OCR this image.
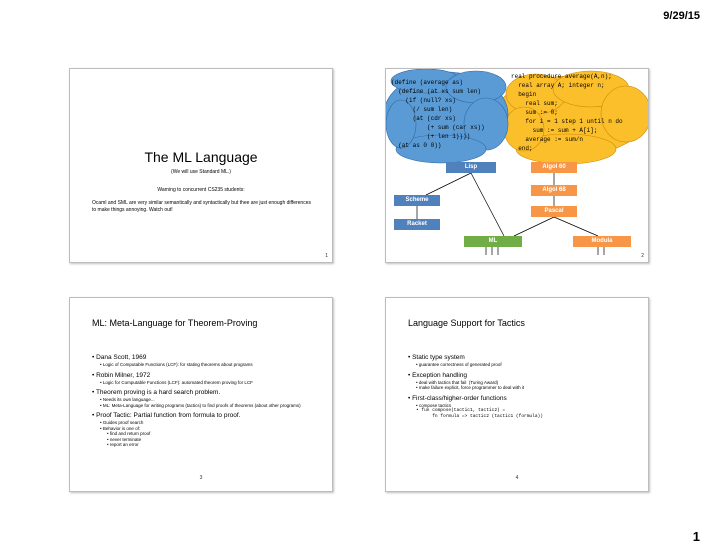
9/29/15
The ML Language
(We will use Standard ML.)
Warning to concurrent CS235 students:
Ocaml and SML are very similar semantically and syntactically but thee are just enough differences to make things annoying. Watch out!
1
(define (average as)  (define (at xs sum len)    (if (null? xs)      (/ sum len)      (at (cdr xs)          (+ sum (car xs))          (+ len 1))))  (at as 0 0))
real procedure average(A,n);  real array A; integer n;  begin    real sum;    sum := 0;    for i = 1 step 1 until n do      sum := sum + A[i];    average := sum/n  end;
Lisp	Algol 60
Algol 68
Scheme
Pascal
Racket
ML	Modula
2
ML: Meta-Language for Theorem-Proving
• Dana Scott, 1969
• Logic of Computable Functions (LCF): for stating theorems about programs
• Robin Milner, 1972
• Logic for Computable Functions (LCF): automated theorem proving for LCF
• Theorem proving is a hard search problem.
• Needs its own language...
• ML: Meta-Language for writing programs (tactics) to find proofs of theorems (about other programs)
• Proof Tactic: Partial function from formula to proof.
• Guides proof search
• Behavior is one of:
• find and return proof
• never terminate
• report an error
3
Language Support for Tactics
• Static type system
• guarantee correctness of generated proof
• Exception handling
• deal with tactics that fail  (Turing Award)
• make failure explicit, force programmer to deal with it
• First-class/higher-order functions
• compose tactics
• fun compose(tactic1, tactic2) =
fn formula => tactic2 (tactic1 (formula))
4
1
